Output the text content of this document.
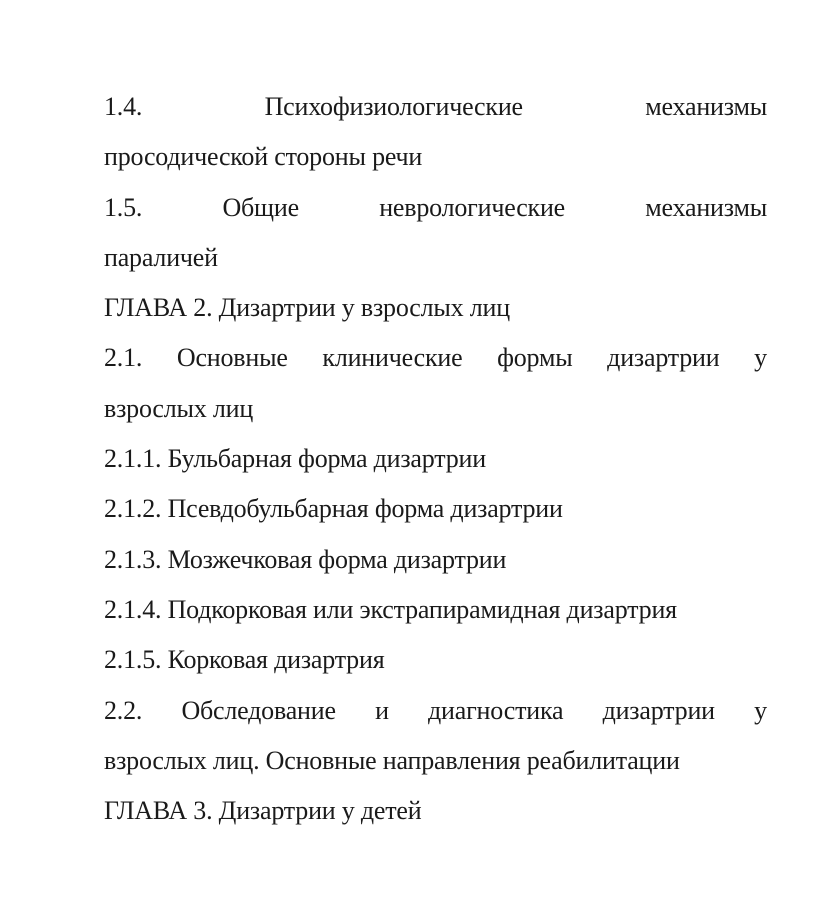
1.4.	Психофизиологические	механизмы
просодической стороны речи
1.5.	Общие	неврологические	механизмы
параличей
ГЛАВА 2. Дизартрии у взрослых лиц
2.1. Основные клинические формы дизартрии у
взрослых лиц
2.1.1. Бульбарная форма дизартрии
2.1.2. Псевдобульбарная форма дизартрии
2.1.3. Мозжечковая форма дизартрии
2.1.4. Подкорковая или экстрапирамидная дизартрия
2.1.5. Корковая дизартрия
2.2. Обследование и диагностика дизартрии у
взрослых лиц. Основные направления реабилитации
ГЛАВА 3. Дизартрии у детей
